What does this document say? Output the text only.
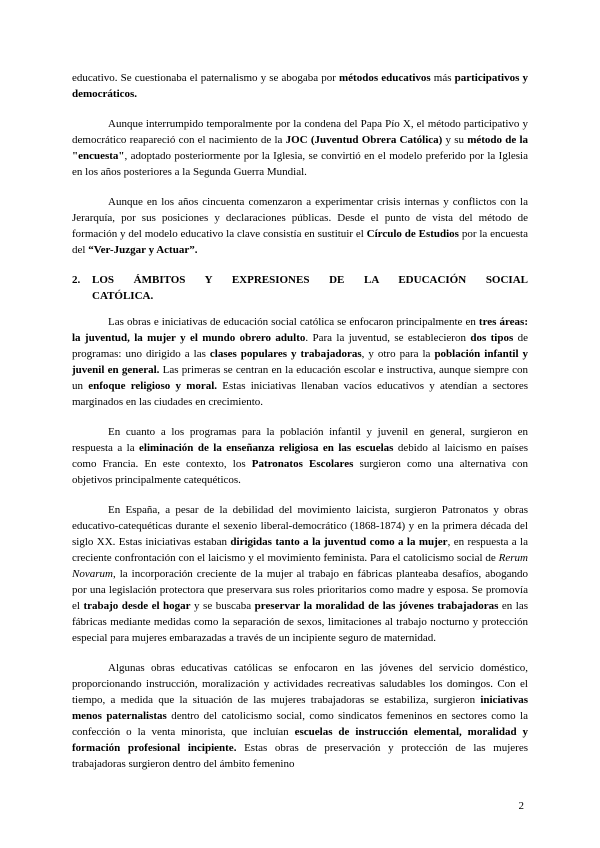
educativo. Se cuestionaba el paternalismo y se abogaba por métodos educativos más participativos y democráticos.

Aunque interrumpido temporalmente por la condena del Papa Pío X, el método participativo y democrático reapareció con el nacimiento de la JOC (Juventud Obrera Católica) y su método de la "encuesta", adoptado posteriormente por la Iglesia, se convirtió en el modelo preferido por la Iglesia en los años posteriores a la Segunda Guerra Mundial.

Aunque en los años cincuenta comenzaron a experimentar crisis internas y conflictos con la Jerarquía, por sus posiciones y declaraciones públicas. Desde el punto de vista del método de formación y del modelo educativo la clave consistía en sustituir el Círculo de Estudios por la encuesta del “Ver-Juzgar y Actuar”.

2.	LOS ÁMBITOS Y EXPRESIONES DE LA EDUCACIÓN SOCIAL
CATÓLICA.

Las obras e iniciativas de educación social católica se enfocaron principalmente en tres áreas: la juventud, la mujer y el mundo obrero adulto. Para la juventud, se establecieron dos tipos de programas: uno dirigido a las clases populares y trabajadoras, y otro para la población infantil y juvenil en general. Las primeras se centran en la educación escolar e instructiva, aunque siempre con un enfoque religioso y moral. Estas iniciativas llenaban vacíos educativos y atendían a sectores marginados en las ciudades en crecimiento.

En cuanto a los programas para la población infantil y juvenil en general, surgieron en respuesta a la eliminación de la enseñanza religiosa en las escuelas debido al laicismo en países como Francia. En este contexto, los Patronatos Escolares surgieron como una alternativa con objetivos principalmente catequéticos.

En España, a pesar de la debilidad del movimiento laicista, surgieron Patronatos y obras educativo-catequéticas durante el sexenio liberal-democrático (1868-1874) y en la primera década del siglo XX. Estas iniciativas estaban dirigidas tanto a la juventud como a la mujer, en respuesta a la creciente confrontación con el laicismo y el movimiento feminista. Para el catolicismo social de Rerum Novarum, la incorporación creciente de la mujer al trabajo en fábricas planteaba desafíos, abogando por una legislación protectora que preservara sus roles prioritarios como madre y esposa. Se promovía el trabajo desde el hogar y se buscaba preservar la moralidad de las jóvenes trabajadoras en las fábricas mediante medidas como la separación de sexos, limitaciones al trabajo nocturno y protección especial para mujeres embarazadas a través de un incipiente seguro de maternidad.

Algunas obras educativas católicas se enfocaron en las jóvenes del servicio doméstico, proporcionando instrucción, moralización y actividades recreativas saludables los domingos. Con el tiempo, a medida que la situación de las mujeres trabajadoras se estabiliza, surgieron iniciativas menos paternalistas dentro del catolicismo social, como sindicatos femeninos en sectores como la confección o la venta minorista, que incluían escuelas de instrucción elemental, moralidad y formación profesional incipiente. Estas obras de preservación y protección de las mujeres trabajadoras surgieron dentro del ámbito femenino

2
